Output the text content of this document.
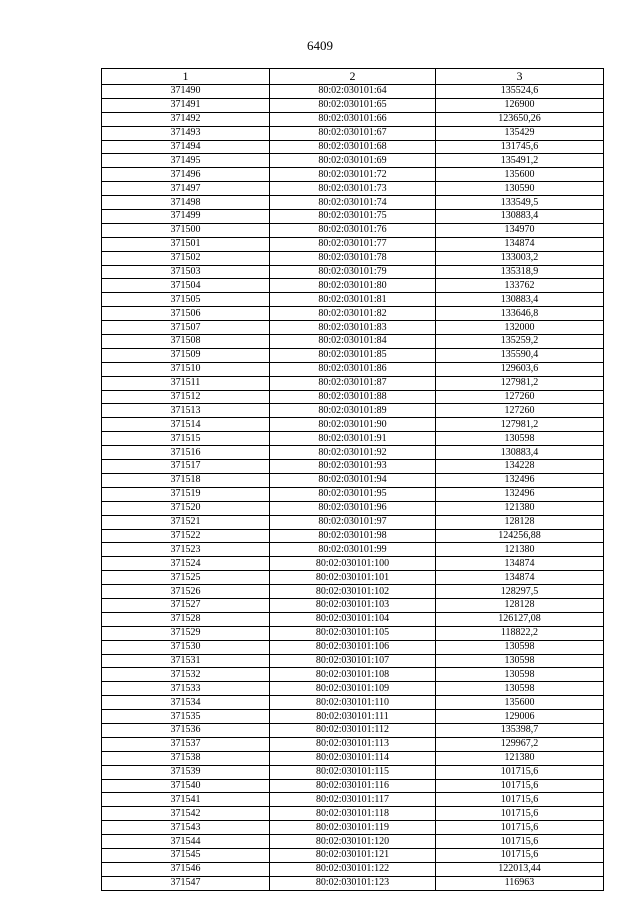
6409
1	2	3
371490	80:02:030101:64	135524,6
371491	80:02:030101:65	126900
371492	80:02:030101:66	123650,26
371493	80:02:030101:67	135429
371494	80:02:030101:68	131745,6
371495	80:02:030101:69	135491,2
371496	80:02:030101:72	135600
371497	80:02:030101:73	130590
371498	80:02:030101:74	133549,5
371499	80:02:030101:75	130883,4
371500	80:02:030101:76	134970
371501	80:02:030101:77	134874
371502	80:02:030101:78	133003,2
371503	80:02:030101:79	135318,9
371504	80:02:030101:80	133762
371505	80:02:030101:81	130883,4
371506	80:02:030101:82	133646,8
371507	80:02:030101:83	132000
371508	80:02:030101:84	135259,2
371509	80:02:030101:85	135590,4
371510	80:02:030101:86	129603,6
371511	80:02:030101:87	127981,2
371512	80:02:030101:88	127260
371513	80:02:030101:89	127260
371514	80:02:030101:90	127981,2
371515	80:02:030101:91	130598
371516	80:02:030101:92	130883,4
371517	80:02:030101:93	134228
371518	80:02:030101:94	132496
371519	80:02:030101:95	132496
371520	80:02:030101:96	121380
371521	80:02:030101:97	128128
371522	80:02:030101:98	124256,88
371523	80:02:030101:99	121380
371524	80:02:030101:100	134874
371525	80:02:030101:101	134874
371526	80:02:030101:102	128297,5
371527	80:02:030101:103	128128
371528	80:02:030101:104	126127,08
371529	80:02:030101:105	118822,2
371530	80:02:030101:106	130598
371531	80:02:030101:107	130598
371532	80:02:030101:108	130598
371533	80:02:030101:109	130598
371534	80:02:030101:110	135600
371535	80:02:030101:111	129006
371536	80:02:030101:112	135398,7
371537	80:02:030101:113	129967,2
371538	80:02:030101:114	121380
371539	80:02:030101:115	101715,6
371540	80:02:030101:116	101715,6
371541	80:02:030101:117	101715,6
371542	80:02:030101:118	101715,6
371543	80:02:030101:119	101715,6
371544	80:02:030101:120	101715,6
371545	80:02:030101:121	101715,6
371546	80:02:030101:122	122013,44
371547	80:02:030101:123	116963
